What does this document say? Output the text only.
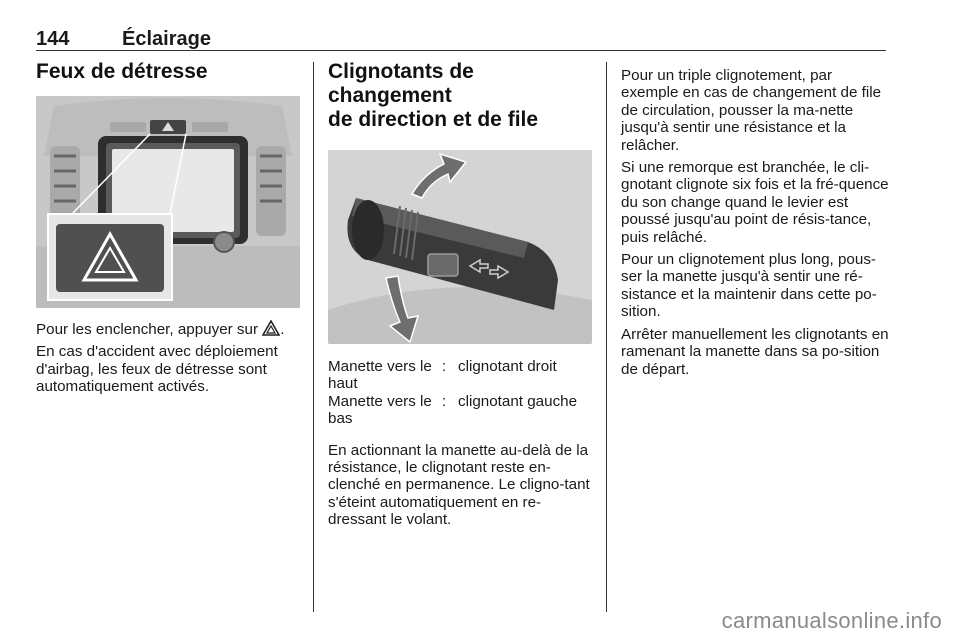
144	Éclairage
Feux de détresse

Pour les enclencher, appuyer sur .

En cas d'accident avec déploiement d'airbag, les feux de détresse sont automatiquement activés.

Clignotants de changement
de direction et de file
Manette vers le haut
: clignotant droit
Manette vers le bas
: clignotant gauche

En actionnant la manette au-delà de la résistance, le clignotant reste en-clenché en permanence. Le cligno-tant s'éteint automatiquement en re-dressant le volant.

Pour un triple clignotement, par exemple en cas de changement de file de circulation, pousser la ma-nette jusqu'à sentir une résistance et la relâcher.

Si une remorque est branchée, le cli-gnotant clignote six fois et la fré-quence du son change quand le levier est poussé jusqu'au point de résis-tance, puis relâché.

Pour un clignotement plus long, pous-ser la manette jusqu'à sentir une ré-sistance et la maintenir dans cette po-sition.

Arrêter manuellement les clignotants en ramenant la manette dans sa po-sition de départ.

carmanualsonline.info
